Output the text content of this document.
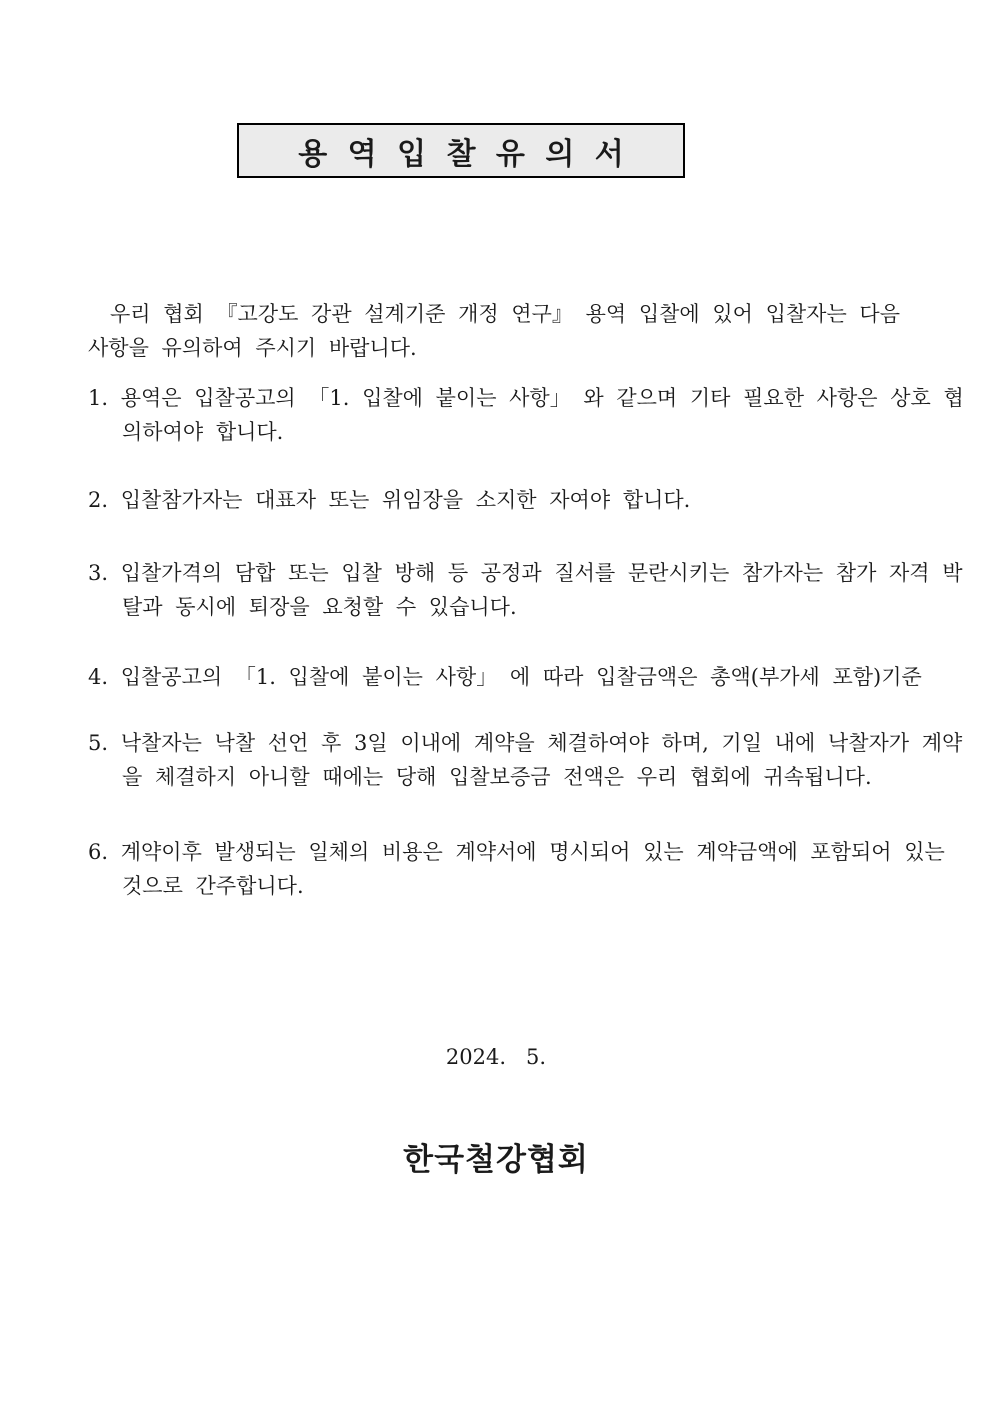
용 역 입 찰 유 의 서

우리 협회 『고강도 강관 설계기준 개정 연구』 용역 입찰에 있어 입찰자는 다음 사항을 유의하여 주시기 바랍니다.

1. 용역은 입찰공고의 「1. 입찰에 붙이는 사항」 와 같으며 기타 필요한 사항은 상호 협의하여야 합니다.
2. 입찰참가자는 대표자 또는 위임장을 소지한 자여야 합니다.
3. 입찰가격의 담합 또는 입찰 방해 등 공정과 질서를 문란시키는 참가자는 참가 자격 박탈과 동시에 퇴장을 요청할 수 있습니다.
4. 입찰공고의 「1. 입찰에 붙이는 사항」 에 따라 입찰금액은 총액(부가세 포함)기준
5. 낙찰자는 낙찰 선언 후 3일 이내에 계약을 체결하여야 하며, 기일 내에 낙찰자가 계약을 체결하지 아니할 때에는 당해 입찰보증금 전액은 우리 협회에 귀속됩니다.
6. 계약이후 발생되는 일체의 비용은 계약서에 명시되어 있는 계약금액에 포함되어 있는 것으로 간주합니다.
2024.   5.
한국철강협회
